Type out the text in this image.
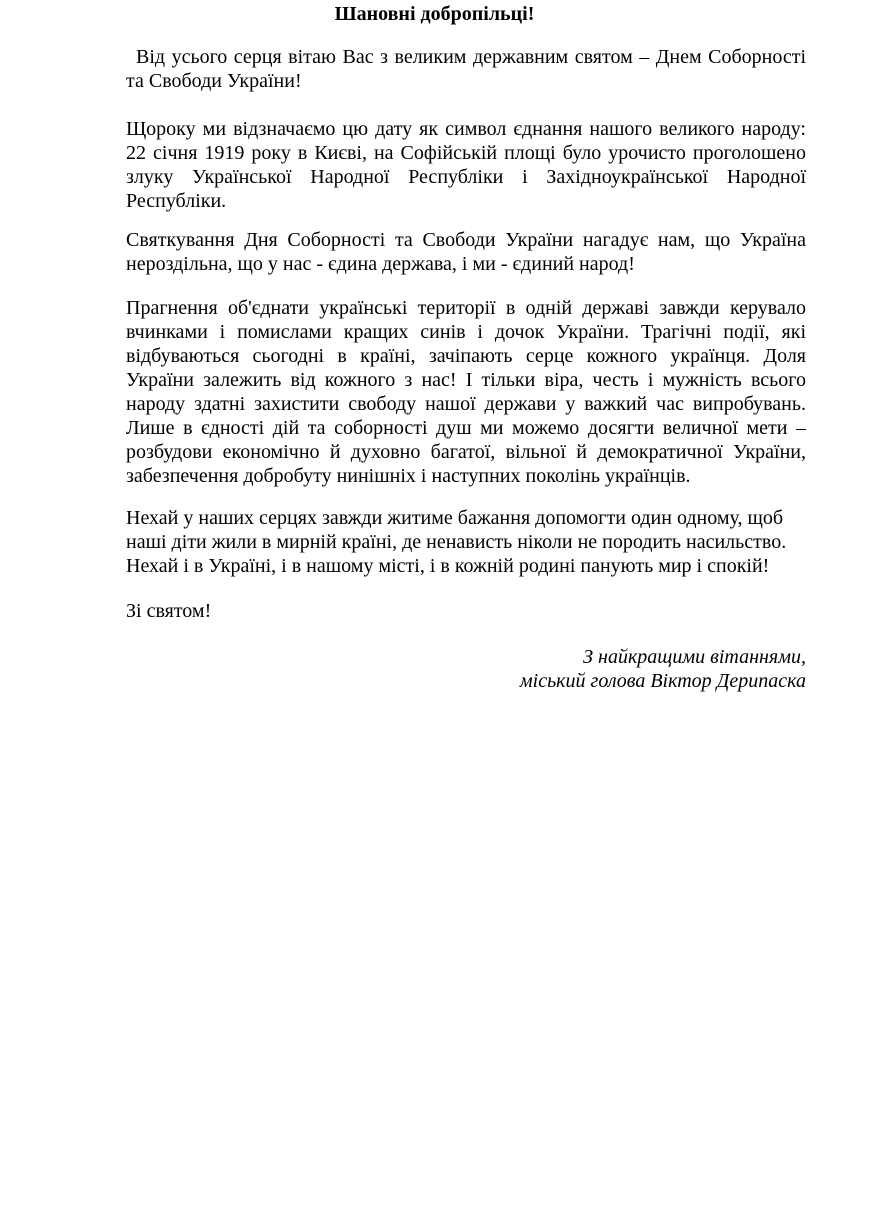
Шановні добропільці!

Від усього серця вітаю Вас з великим державним святом – Днем Соборності та Свободи України!

Щороку ми відзначаємо цю дату як символ єднання нашого великого народу: 22 січня 1919 року в Києві, на Софійській площі було урочисто проголошено злуку Української Народної Республіки і Західноукраїнської Народної Республіки.

Святкування Дня Соборності та Свободи України нагадує нам, що Україна нероздільна, що у нас - єдина держава, і ми - єдиний народ!

Прагнення об'єднати українські території в одній державі завжди керувало вчинками і помислами кращих синів і дочок України. Трагічні події, які відбуваються сьогодні в країні, зачіпають серце кожного українця. Доля України залежить від кожного з нас! І тільки віра, честь і мужність всього народу здатні захистити свободу нашої держави у важкий час випробувань. Лише в єдності дій та соборності душ ми можемо досягти величної мети – розбудови економічно й духовно багатої, вільної й демократичної України, забезпечення добробуту нинішніх і наступних поколінь українців.

Нехай у наших серцях завжди житиме бажання допомогти один одному, щоб наші діти жили в мирній країні, де ненависть ніколи не породить насильство. Нехай і в Україні, і в нашому місті, і в кожній родині панують мир і спокій!

Зі святом!

З найкращими вітаннями,
міський голова Віктор Дерипаска
